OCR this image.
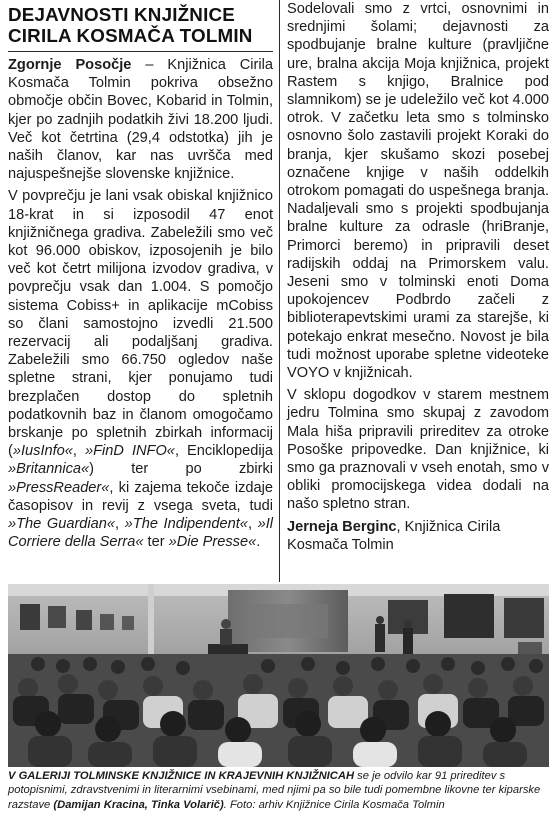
DEJAVNOSTI KNJIŽNICE
CIRILA KOSMAČA TOLMIN

Zgornje Posočje – Knjižnica Cirila Kosmača Tolmin pokriva obsežno območje občin Bovec, Kobarid in Tolmin, kjer po zadnjih podatkih živi 18.200 ljudi. Več kot četrtina (29,4 odstotka) jih je naših članov, kar nas uvršča med najuspešnejše slovenske knjižnice.

V povprečju je lani vsak obiskal knjižnico 18-krat in si izposodil 47 enot knjižničnega gradiva. Zabeležili smo več kot 96.000 obiskov, izposojenih je bilo več kot četrt milijona izvodov gradiva, v povprečju vsak dan 1.004. S pomočjo sistema Cobiss+ in aplikacije mCobiss so člani samostojno izvedli 21.500 rezervacij ali podaljšanj gradiva. Zabeležili smo 66.750 ogledov naše spletne strani, kjer ponujamo tudi brezplačen dostop do spletnih podatkovnih baz in članom omogočamo brskanje po spletnih zbirkah informacij (»IusInfo«, »FinD INFO«, Enciklopedija »Britannica«) ter po zbirki »PressReader«, ki zajema tekoče izdaje časopisov in revij z vsega sveta, tudi »The Guardian«, »The Indipendent«, »Il Corriere della Serra« ter »Die Presse«.

Sodelovali smo z vrtci, osnovnimi in srednjimi šolami; dejavnosti za spodbujanje bralne kulture (pravljične ure, bralna akcija Moja knjižnica, projekt Rastem s knjigo, Bralnice pod slamnikom) se je udeležilo več kot 4.000 otrok. V začetku leta smo s tolminsko osnovno šolo zastavili projekt Koraki do branja, kjer skušamo skozi posebej označene knjige v naših oddelkih otrokom pomagati do uspešnega branja. Nadaljevali smo s projekti spodbujanja bralne kulture za odrasle (hriBranje, Primorci beremo) in pripravili deset radijskih oddaj na Primorskem valu. Jeseni smo v tolminski enoti Doma upokojencev Podbrdo začeli z biblioterapevtskimi urami za starejše, ki potekajo enkrat mesečno. Novost je bila tudi možnost uporabe spletne videoteke VOYO v knjižnicah.

V sklopu dogodkov v starem mestnem jedru Tolmina smo skupaj z zavodom Mala hiša pripravili prireditev za otroke Posoške pripovedke. Dan knjižnice, ki smo ga praznovali v vseh enotah, smo v obliki promocijskega videa dodali na našo spletno stran.

Jerneja Berginc, Knjižnica Cirila Kosmača Tolmin

V GALERIJI TOLMINSKE KNJIŽNICE IN KRAJEVNIH KNJIŽNICAH se je odvilo kar 91 prireditev s potopisnimi, zdravstvenimi in literarnimi vsebinami, med njimi pa so bile tudi pomembne likovne ter kiparske razstave (Damijan Kracina, Tinka Volarič). Foto: arhiv Knjižnice Cirila Kosmača Tolmin
